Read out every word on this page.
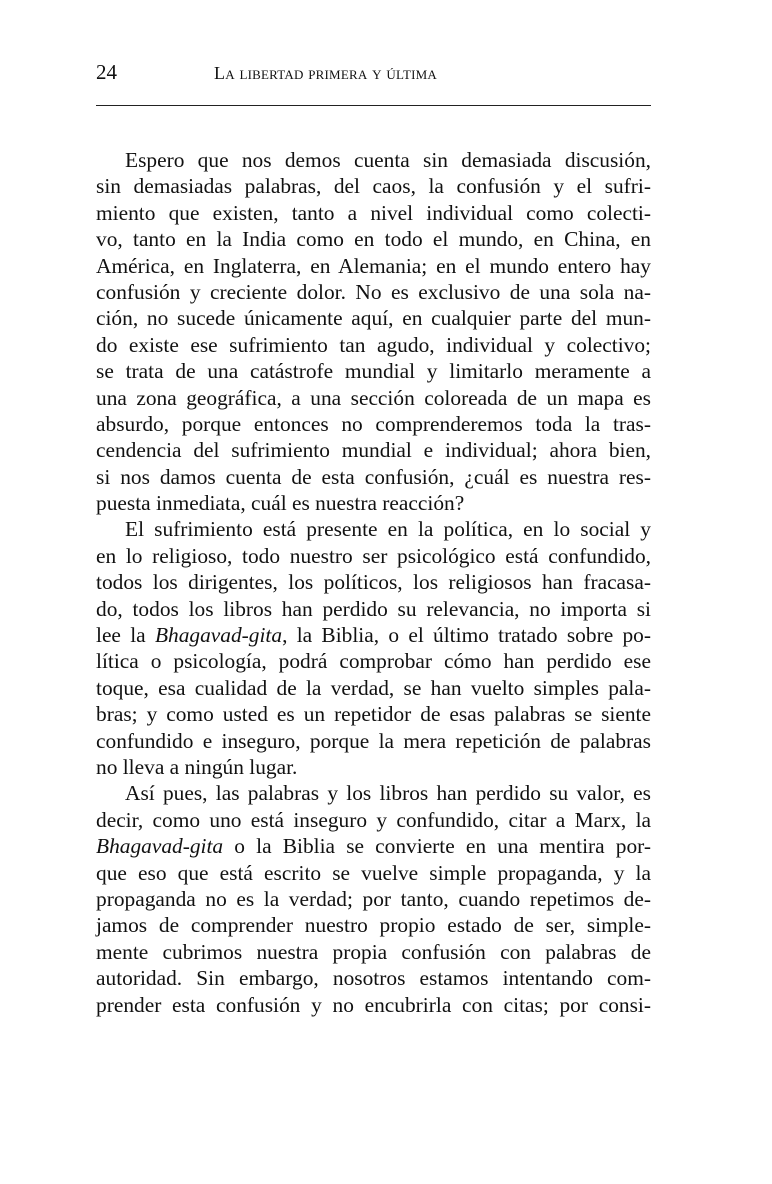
24	La libertad primera y última
Espero que nos demos cuenta sin demasiada discusión,
sin demasiadas palabras, del caos, la confusión y el sufri-
miento que existen, tanto a nivel individual como colecti-
vo, tanto en la India como en todo el mundo, en China, en
América, en Inglaterra, en Alemania; en el mundo entero hay
confusión y creciente dolor. No es exclusivo de una sola na-
ción, no sucede únicamente aquí, en cualquier parte del mun-
do existe ese sufrimiento tan agudo, individual y colectivo;
se trata de una catástrofe mundial y limitarlo meramente a
una zona geográfica, a una sección coloreada de un mapa es
absurdo, porque entonces no comprenderemos toda la tras-
cendencia del sufrimiento mundial e individual; ahora bien,
si nos damos cuenta de esta confusión, ¿cuál es nuestra res-
puesta inmediata, cuál es nuestra reacción?
El sufrimiento está presente en la política, en lo social y
en lo religioso, todo nuestro ser psicológico está confundido,
todos los dirigentes, los políticos, los religiosos han fracasa-
do, todos los libros han perdido su relevancia, no importa si
lee la Bhagavad-gita, la Biblia, o el último tratado sobre po-
lítica o psicología, podrá comprobar cómo han perdido ese
toque, esa cualidad de la verdad, se han vuelto simples pala-
bras; y como usted es un repetidor de esas palabras se siente
confundido e inseguro, porque la mera repetición de palabras
no lleva a ningún lugar.
Así pues, las palabras y los libros han perdido su valor, es
decir, como uno está inseguro y confundido, citar a Marx, la
Bhagavad-gita o la Biblia se convierte en una mentira por-
que eso que está escrito se vuelve simple propaganda, y la
propaganda no es la verdad; por tanto, cuando repetimos de-
jamos de comprender nuestro propio estado de ser, simple-
mente cubrimos nuestra propia confusión con palabras de
autoridad. Sin embargo, nosotros estamos intentando com-
prender esta confusión y no encubrirla con citas; por consi-
